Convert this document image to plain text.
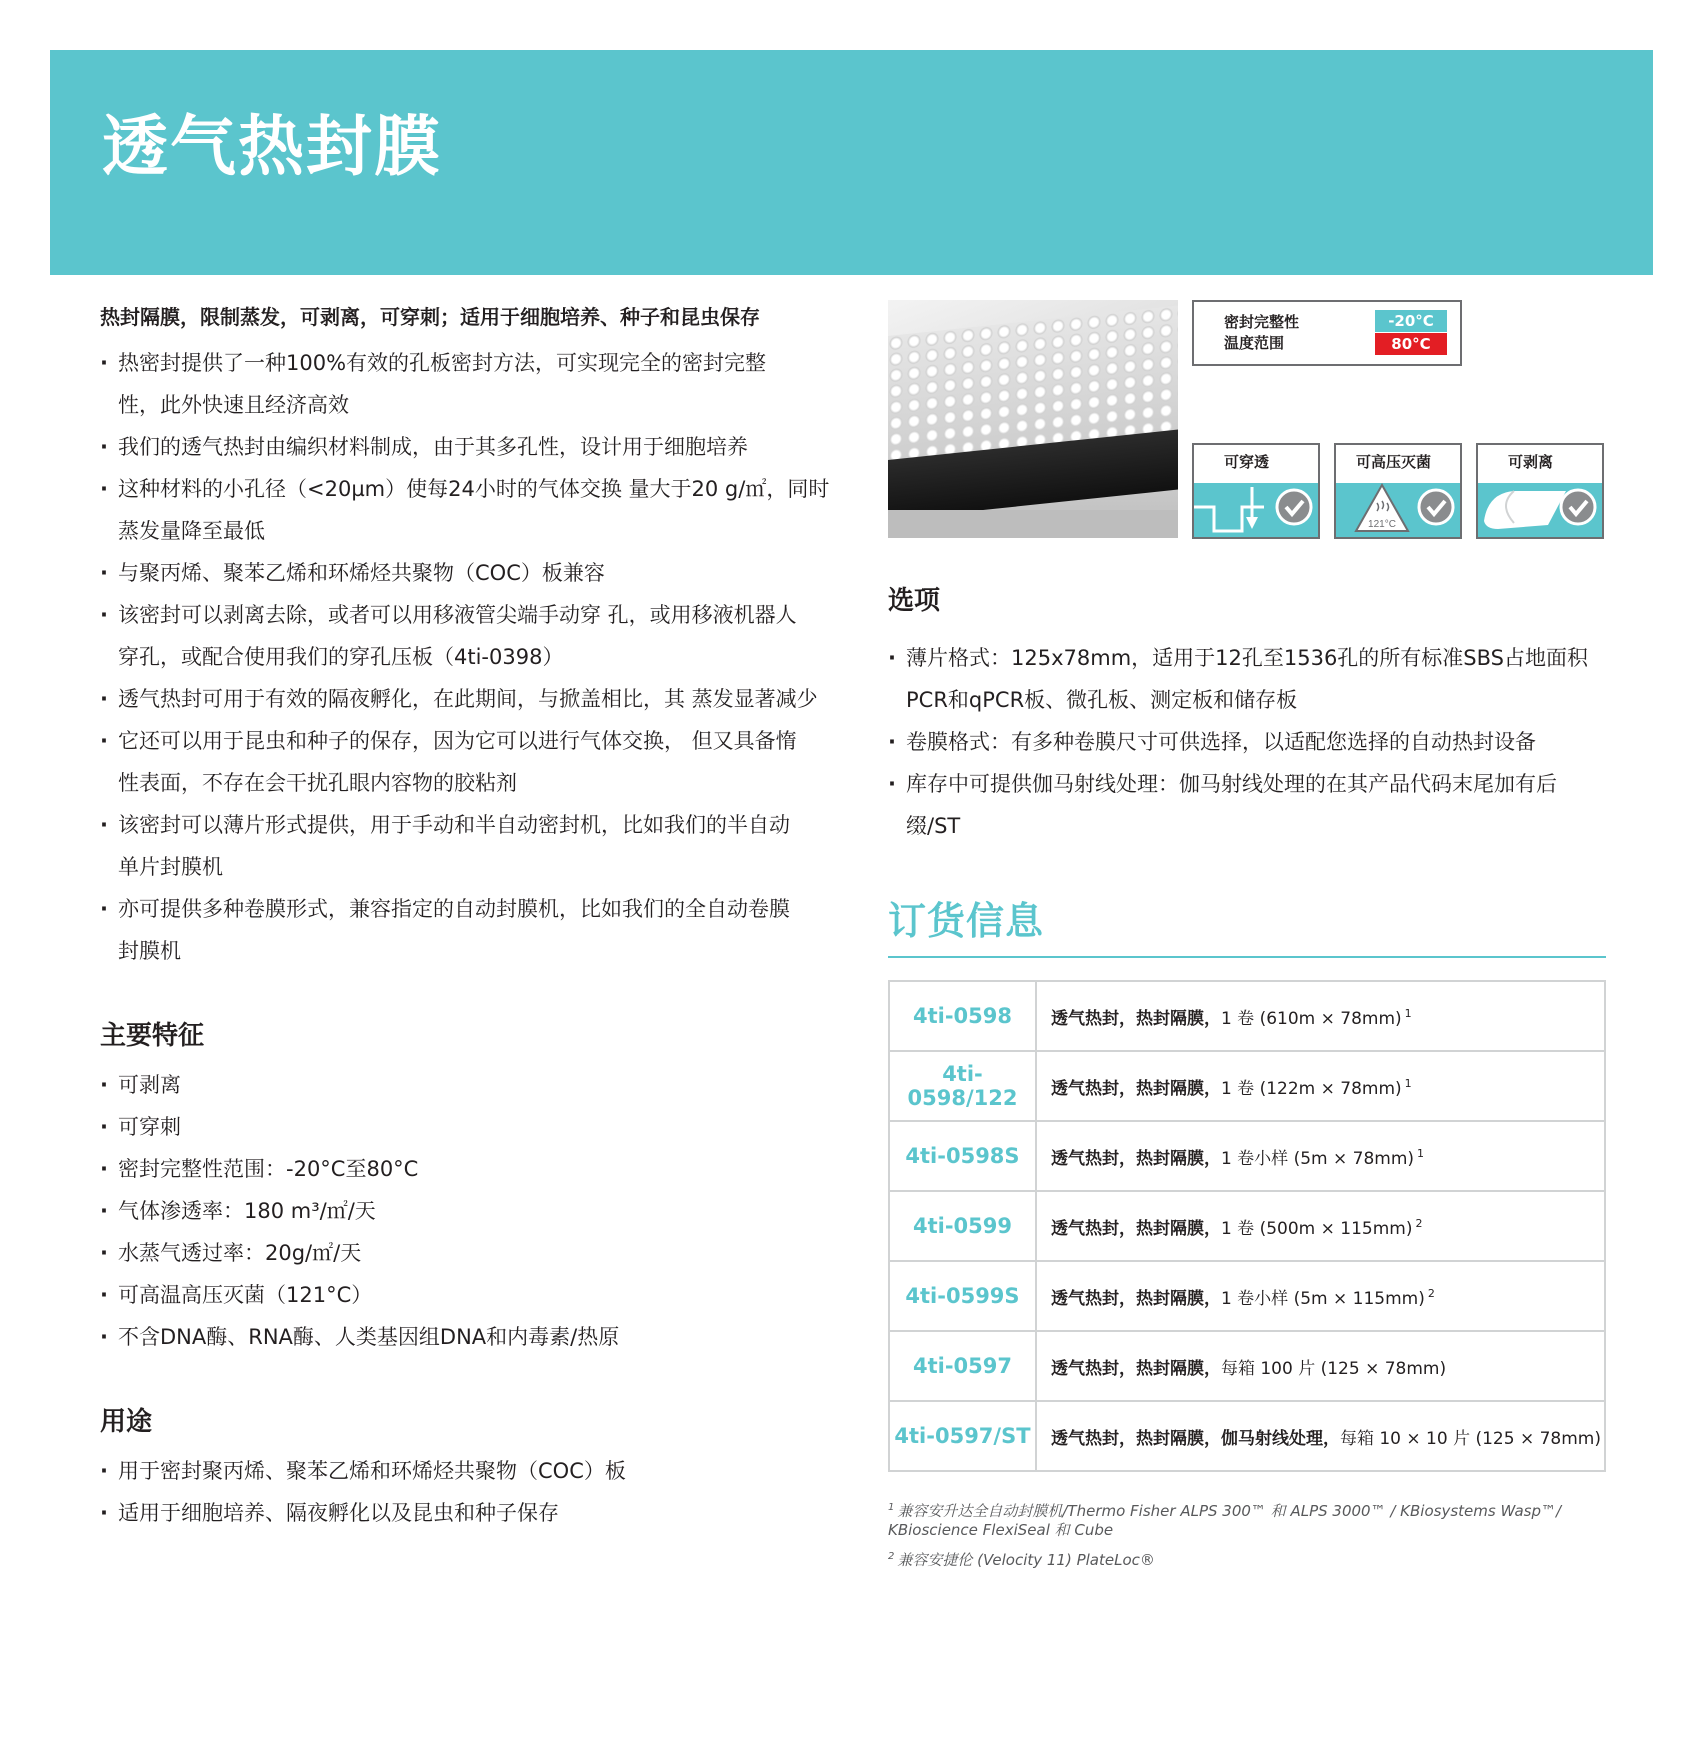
透气热封膜
热封隔膜，限制蒸发，可剥离，可穿刺；适用于细胞培养、种子和昆虫保存
· 热密封提供了一种100%有效的孔板密封方法，可实现完全的密封完整
性，此外快速且经济高效
· 我们的透气热封由编织材料制成，由于其多孔性，设计用于细胞培养
· 这种材料的小孔径（<20µm）使每24小时的气体交换 量大于20 g/㎡，同时
蒸发量降至最低
· 与聚丙烯、聚苯乙烯和环烯烃共聚物（COC）板兼容
· 该密封可以剥离去除，或者可以用移液管尖端手动穿 孔，或用移液机器人
穿孔，或配合使用我们的穿孔压板（4ti-0398）
· 透气热封可用于有效的隔夜孵化，在此期间，与掀盖相比，其 蒸发显著减少
· 它还可以用于昆虫和种子的保存，因为它可以进行气体交换， 但又具备惰
性表面，不存在会干扰孔眼内容物的胶粘剂
· 该密封可以薄片形式提供，用于手动和半自动密封机，比如我们的半自动
单片封膜机
· 亦可提供多种卷膜形式，兼容指定的自动封膜机，比如我们的全自动卷膜
封膜机
主要特征
· 可剥离
· 可穿刺
· 密封完整性范围：-20°C至80°C
· 气体渗透率：180 m³/㎡/天
· 水蒸气透过率：20g/㎡/天
· 可高温高压灭菌（121°C）
· 不含DNA酶、RNA酶、人类基因组DNA和内毒素/热原
用途
· 用于密封聚丙烯、聚苯乙烯和环烯烃共聚物（COC）板
· 适用于细胞培养、隔夜孵化以及昆虫和种子保存
密封完整性
温度范围
-20°C
80°C
可穿透	可高压灭菌
121°C
可剥离
选项
· 薄片格式：125x78mm，适用于12孔至1536孔的所有标准SBS占地面积
PCR和qPCR板、微孔板、测定板和储存板
· 卷膜格式：有多种卷膜尺寸可供选择，以适配您选择的自动热封设备
· 库存中可提供伽马射线处理：伽马射线处理的在其产品代码末尾加有后
缀/ST
订货信息
4ti-0598	透气热封，热封隔膜，1 卷 (610m × 78mm) $^1$
4ti-0598/122	透气热封，热封隔膜，1 卷 (122m × 78mm) $^1$
4ti-0598S	透气热封，热封隔膜，1 卷小样 (5m × 78mm) $^1$
4ti-0599	透气热封，热封隔膜，1 卷 (500m × 115mm) $^2$
4ti-0599S	透气热封，热封隔膜，1 卷小样 (5m × 115mm) $^2$
4ti-0597	透气热封，热封隔膜，每箱 100 片 (125 × 78mm)
4ti-0597/ST	透气热封，热封隔膜，伽马射线处理，每箱 10 × 10 片 (125 × 78mm)
$^1$ 兼容安升达全自动封膜机/Thermo Fisher ALPS 300™ 和 ALPS 3000™ / KBiosystems Wasp™/ KBioscience FlexiSeal 和 Cube
$^2$ 兼容安捷伦 (Velocity 11) PlateLoc®
